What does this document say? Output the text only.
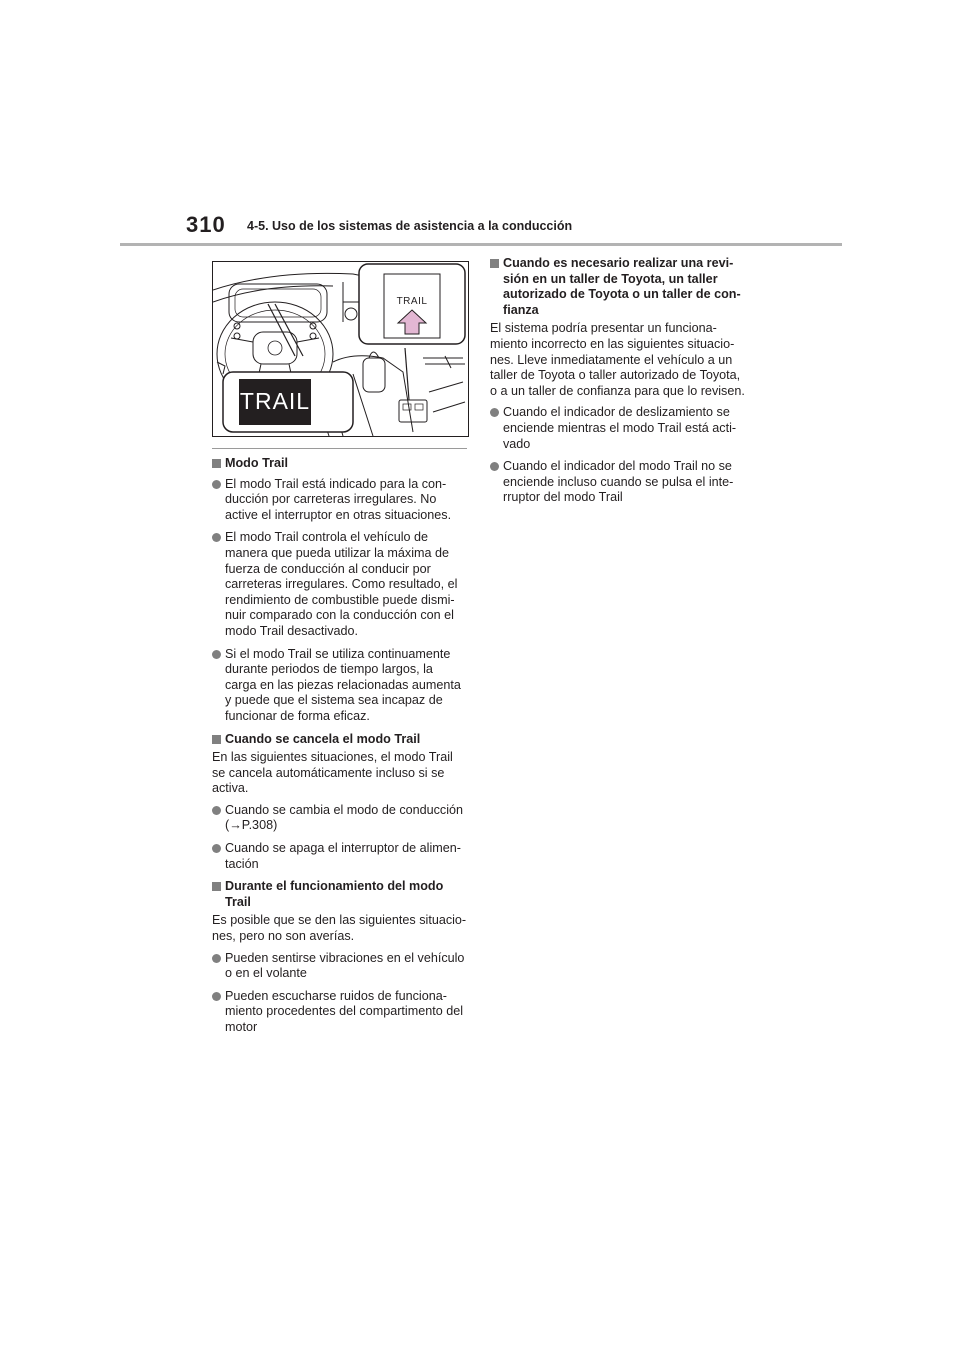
310 4-5. Uso de los sistemas de asistencia a la conducción
TRAIL
TRAIL
Modo Trail
El modo Trail está indicado para la con-
ducción por carreteras irregulares. No
active el interruptor en otras situaciones.
El modo Trail controla el vehículo de
manera que pueda utilizar la máxima de
fuerza de conducción al conducir por
carreteras irregulares. Como resultado, el
rendimiento de combustible puede dismi-
nuir comparado con la conducción con el
modo Trail desactivado.
Si el modo Trail se utiliza continuamente
durante periodos de tiempo largos, la
carga en las piezas relacionadas aumenta
y puede que el sistema sea incapaz de
funcionar de forma eficaz.
Cuando se cancela el modo Trail
En las siguientes situaciones, el modo Trail
se cancela automáticamente incluso si se
activa.
Cuando se cambia el modo de conducción
(→P.308)
Cuando se apaga el interruptor de alimen-
tación
Durante el funcionamiento del modo
Trail
Es posible que se den las siguientes situacio-
nes, pero no son averías.
Pueden sentirse vibraciones en el vehículo
o en el volante
Pueden escucharse ruidos de funciona-
miento procedentes del compartimento del
motor
Cuando es necesario realizar una revi-
sión en un taller de Toyota, un taller
autorizado de Toyota o un taller de con-
fianza
El sistema podría presentar un funciona-
miento incorrecto en las siguientes situacio-
nes. Lleve inmediatamente el vehículo a un
taller de Toyota o taller autorizado de Toyota,
o a un taller de confianza para que lo revisen.
Cuando el indicador de deslizamiento se
enciende mientras el modo Trail está acti-
vado
Cuando el indicador del modo Trail no se
enciende incluso cuando se pulsa el inte-
rruptor del modo Trail
